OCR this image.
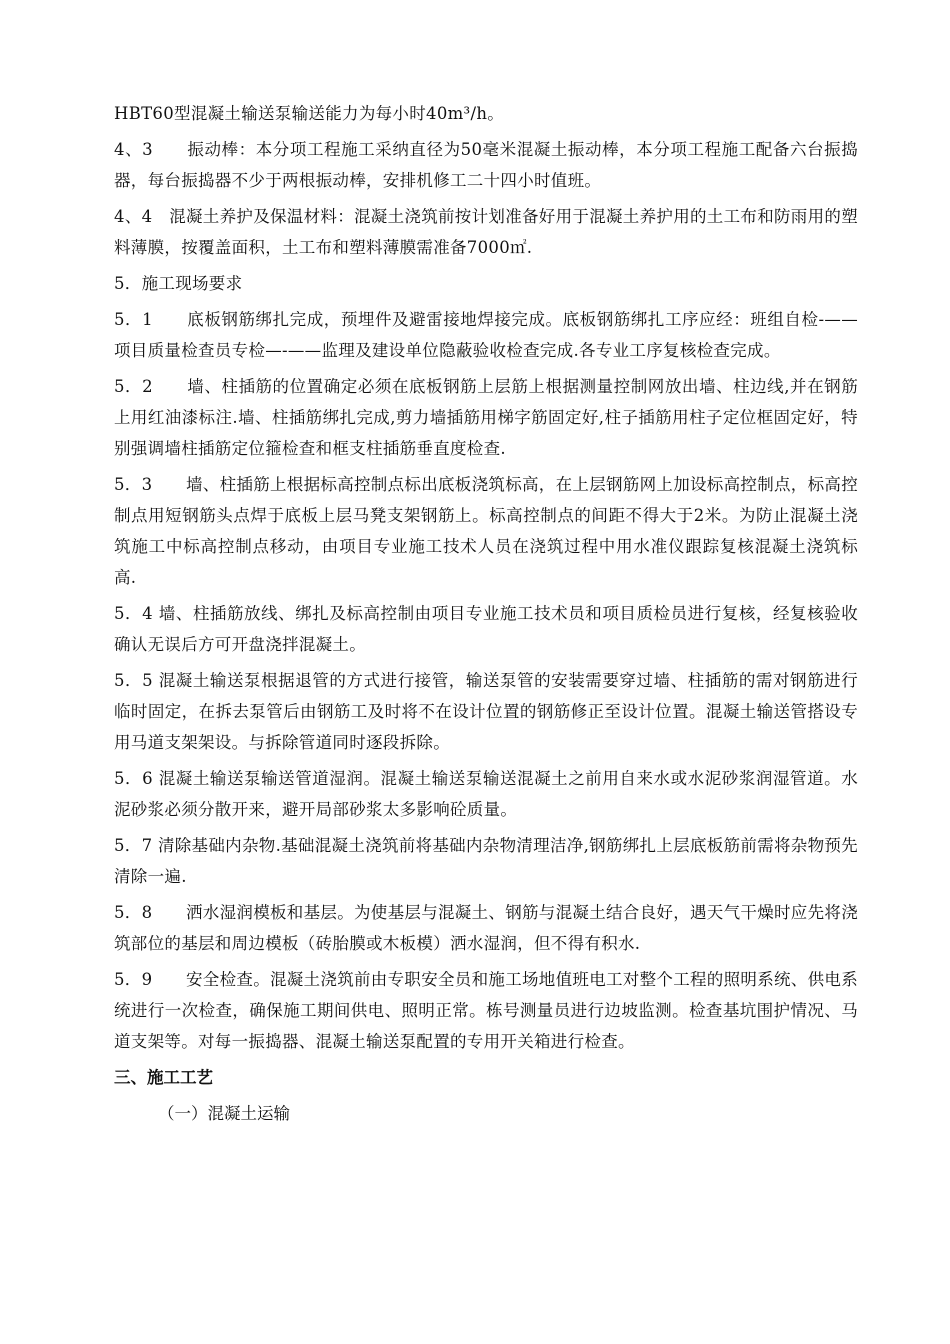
HBT60型混凝土输送泵输送能力为每小时40m³/h。

4、3　　振动棒：本分项工程施工采纳直径为50毫米混凝土振动棒，本分项工程施工配备六台振捣器，每台振捣器不少于两根振动棒，安排机修工二十四小时值班。

4、4　混凝土养护及保温材料：混凝土浇筑前按计划准备好用于混凝土养护用的土工布和防雨用的塑料薄膜，按覆盖面积，土工布和塑料薄膜需准备7000㎡.

5．施工现场要求

5．1　　底板钢筋绑扎完成，预埋件及避雷接地焊接完成。底板钢筋绑扎工序应经：班组自检-——项目质量检查员专检—-——监理及建设单位隐蔽验收检查完成.各专业工序复核检查完成。

5．2　　墙、柱插筋的位置确定必须在底板钢筋上层筋上根据测量控制网放出墙、柱边线,并在钢筋上用红油漆标注.墙、柱插筋绑扎完成,剪力墙插筋用梯字筋固定好,柱子插筋用柱子定位框固定好，特别强调墙柱插筋定位箍检查和框支柱插筋垂直度检查.

5．3　　墙、柱插筋上根据标高控制点标出底板浇筑标高，在上层钢筋网上加设标高控制点，标高控制点用短钢筋头点焊于底板上层马凳支架钢筋上。标高控制点的间距不得大于2米。为防止混凝土浇筑施工中标高控制点移动，由项目专业施工技术人员在浇筑过程中用水准仪跟踪复核混凝土浇筑标高.

5．4 墙、柱插筋放线、绑扎及标高控制由项目专业施工技术员和项目质检员进行复核，经复核验收确认无误后方可开盘浇拌混凝土。

5．5 混凝土输送泵根据退管的方式进行接管，输送泵管的安装需要穿过墙、柱插筋的需对钢筋进行临时固定，在拆去泵管后由钢筋工及时将不在设计位置的钢筋修正至设计位置。混凝土输送管搭设专用马道支架架设。与拆除管道同时逐段拆除。

5．6 混凝土输送泵输送管道湿润。混凝土输送泵输送混凝土之前用自来水或水泥砂浆润湿管道。水泥砂浆必须分散开来，避开局部砂浆太多影响砼质量。

5．7 清除基础内杂物.基础混凝土浇筑前将基础内杂物清理洁净,钢筋绑扎上层底板筋前需将杂物预先清除一遍.

5．8　　洒水湿润模板和基层。为使基层与混凝土、钢筋与混凝土结合良好，遇天气干燥时应先将浇筑部位的基层和周边模板（砖胎膜或木板模）洒水湿润，但不得有积水.

5．9　　安全检查。混凝土浇筑前由专职安全员和施工场地值班电工对整个工程的照明系统、供电系统进行一次检查，确保施工期间供电、照明正常。栋号测量员进行边坡监测。检查基坑围护情况、马道支架等。对每一振捣器、混凝土输送泵配置的专用开关箱进行检查。

三、施工工艺

（一）混凝土运输
